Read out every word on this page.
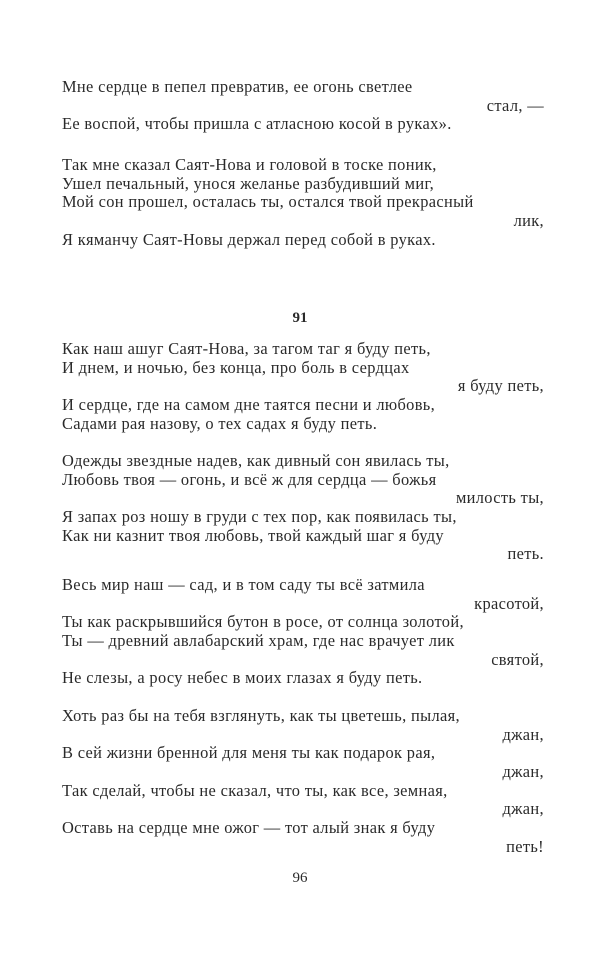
Мне сердце в пепел превратив, ее огонь светлее
стал, —
Ее воспой, чтобы пришла с атласною косой в руках».
Так мне сказал Саят-Нова и головой в тоске поник,
Ушел печальный, унося желанье разбудивший миг,
Мой сон прошел, осталась ты, остался твой прекрасный
лик,
Я кяманчу Саят-Новы держал перед собой в руках.
91
Как наш ашуг Саят-Нова, за тагом таг я буду петь,
И днем, и ночью, без конца, про боль в сердцах
я буду петь,
И сердце, где на самом дне таятся песни и любовь,
Садами рая назову, о тех садах я буду петь.
Одежды звездные надев, как дивный сон явилась ты,
Любовь твоя — огонь, и всё ж для сердца — божья
милость ты,
Я запах роз ношу в груди с тех пор, как появилась ты,
Как ни казнит твоя любовь, твой каждый шаг я буду
петь.
Весь мир наш — сад, и в том саду ты всё затмила
красотой,
Ты как раскрывшийся бутон в росе, от солнца золотой,
Ты — древний авлабарский храм, где нас врачует лик
святой,
Не слезы, а росу небес в моих глазах я буду петь.
Хоть раз бы на тебя взглянуть, как ты цветешь, пылая,
джан,
В сей жизни бренной для меня ты как подарок рая,
джан,
Так сделай, чтобы не сказал, что ты, как все, земная,
джан,
Оставь на сердце мне ожог — тот алый знак я буду
петь!
96
